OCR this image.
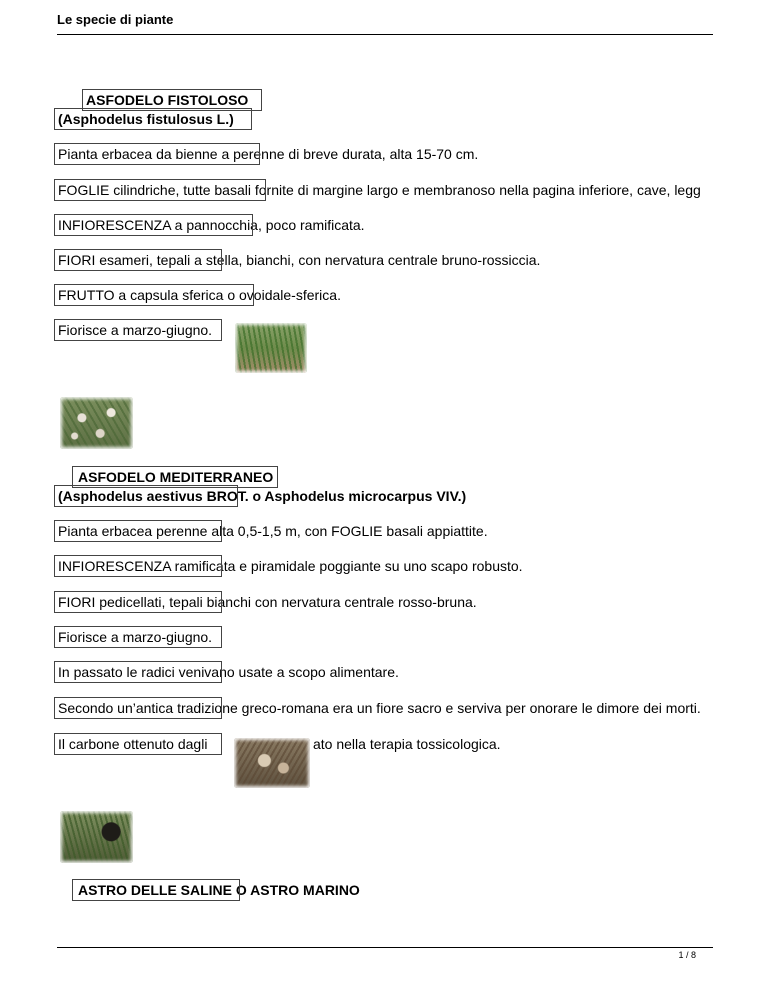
Le specie di piante
ASFODELO FISTOLOSO
(Asphodelus fistulosus L.)
Pianta erbacea da bienne a perenne di breve durata, alta 15-70 cm.
FOGLIE cilindriche, tutte basali fornite di margine largo e membranoso nella pagina inferiore, cave, legg
INFIORESCENZA a pannocchia, poco ramificata.
FIORI esameri, tepali a stella, bianchi, con nervatura centrale bruno-rossiccia.
FRUTTO a capsula sferica o ovoidale-sferica.
Fiorisce a marzo-giugno.
ASFODELO MEDITERRANEO
(Asphodelus aestivus BROT. o Asphodelus microcarpus VIV.)
Pianta erbacea perenne alta 0,5-1,5 m, con FOGLIE basali appiattite.
INFIORESCENZA ramificata e piramidale poggiante su uno scapo robusto.
FIORI pedicellati, tepali bianchi con nervatura centrale rosso-bruna.
Fiorisce a marzo-giugno.
In passato le radici venivano usate a scopo alimentare.
Secondo un’antica tradizione greco-romana era un fiore sacro e serviva per onorare le dimore dei morti.
Il carbone ottenuto dagli	ato nella terapia tossicologica.
ASTRO DELLE SALINE O ASTRO MARINO
1 / 8
